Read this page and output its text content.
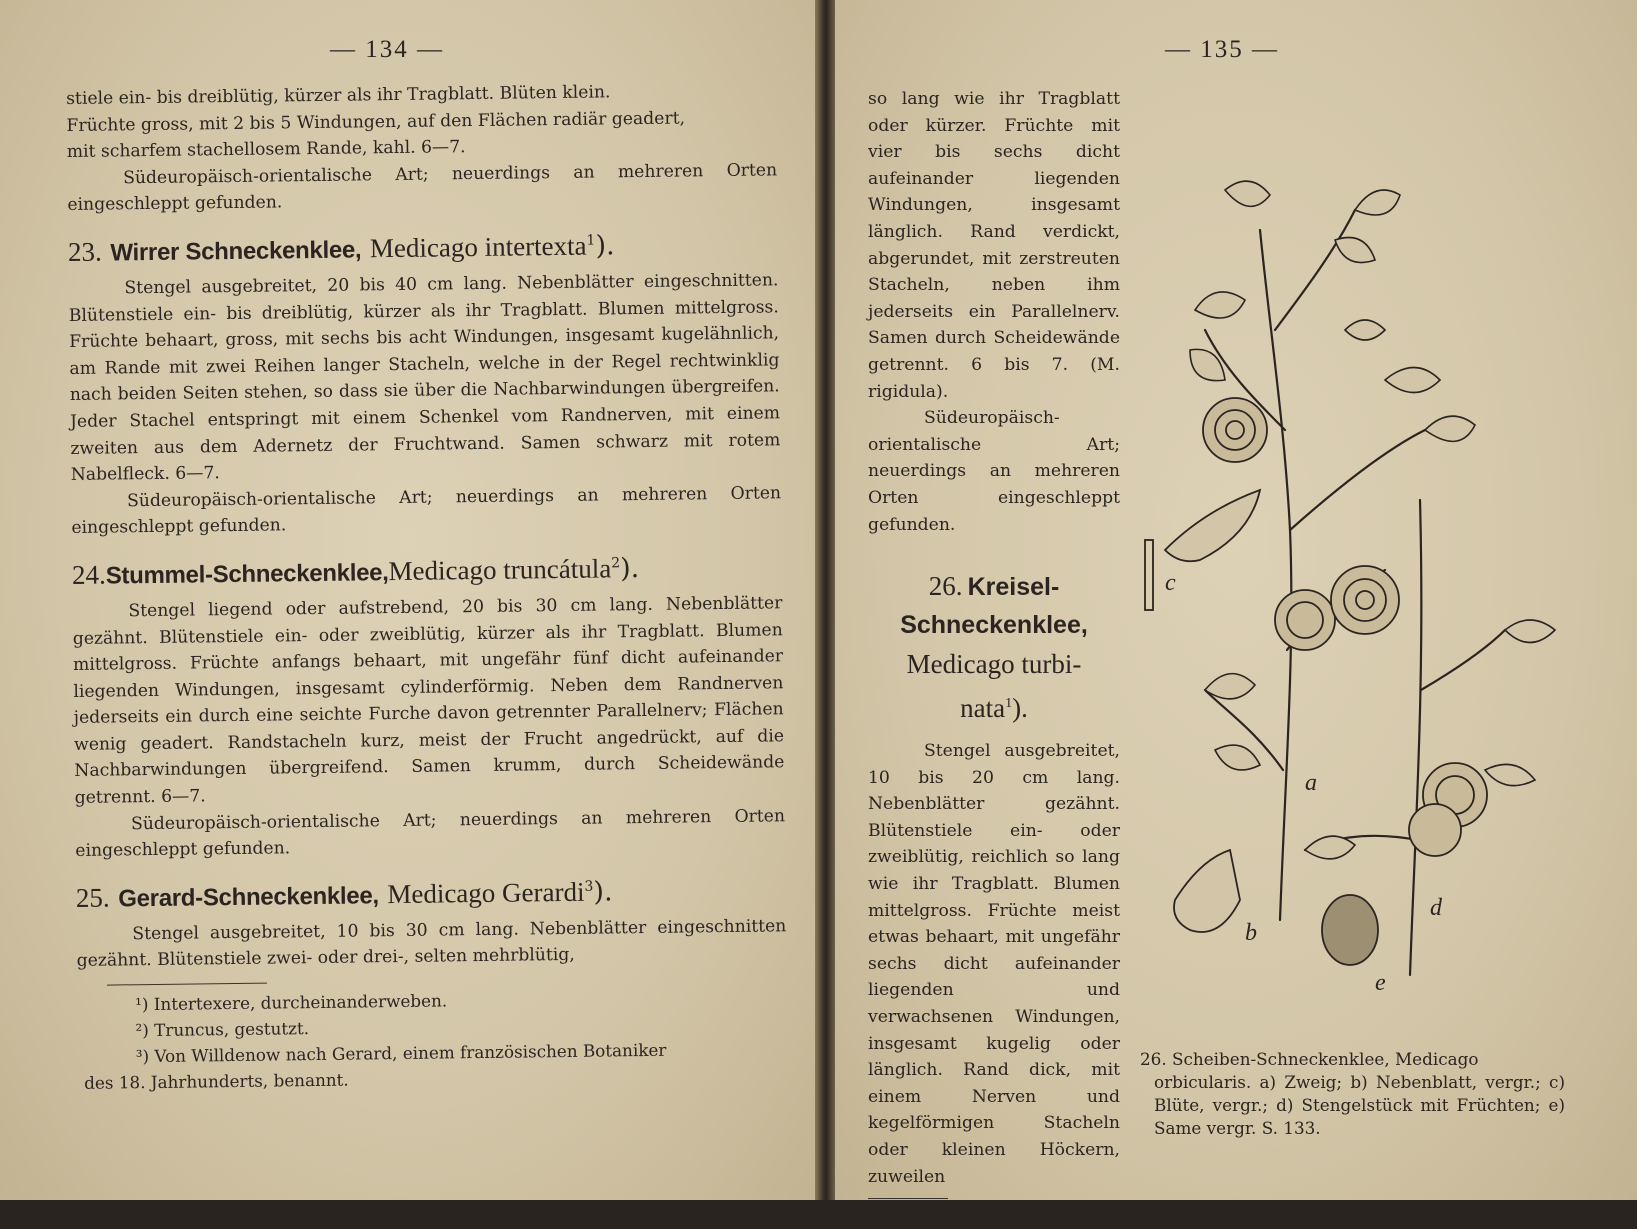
— 134 —

stiele ein- bis dreiblütig, kürzer als ihr Tragblatt. Blüten klein.

Früchte gross, mit 2 bis 5 Windungen, auf den Flächen radiär geadert,

mit scharfem stachellosem Rande, kahl. 6—7.

Südeuropäisch-orientalische Art; neuerdings an mehreren Orten eingeschleppt gefunden.

23. Wirrer Schneckenklee, Medicago intertexta$^1$).

Stengel ausgebreitet, 20 bis 40 cm lang. Nebenblätter eingeschnitten. Blütenstiele ein- bis dreiblütig, kürzer als ihr Tragblatt. Blumen mittelgross. Früchte behaart, gross, mit sechs bis acht Windungen, insgesamt kugelähnlich, am Rande mit zwei Reihen langer Stacheln, welche in der Regel rechtwinklig nach beiden Seiten stehen, so dass sie über die Nachbarwindungen übergreifen. Jeder Stachel entspringt mit einem Schenkel vom Randnerven, mit einem zweiten aus dem Adernetz der Fruchtwand. Samen schwarz mit rotem Nabelfleck. 6—7.

Südeuropäisch-orientalische Art; neuerdings an mehreren Orten eingeschleppt gefunden.

24.Stummel-Schneckenklee,Medicago truncátula$^2$).

Stengel liegend oder aufstrebend, 20 bis 30 cm lang. Nebenblätter gezähnt. Blütenstiele ein- oder zweiblütig, kürzer als ihr Tragblatt. Blumen mittelgross. Früchte anfangs behaart, mit ungefähr fünf dicht aufeinander liegenden Windungen, insgesamt cylinderförmig. Neben dem Randnerven jederseits ein durch eine seichte Furche davon getrennter Parallelnerv; Flächen wenig geadert. Randstacheln kurz, meist der Frucht angedrückt, auf die Nachbarwindungen übergreifend. Samen krumm, durch Scheidewände getrennt. 6—7.

Südeuropäisch-orientalische Art; neuerdings an mehreren Orten eingeschleppt gefunden.

25. Gerard-Schneckenklee, Medicago Gerardi$^3$).

Stengel ausgebreitet, 10 bis 30 cm lang. Nebenblätter eingeschnitten gezähnt. Blütenstiele zwei- oder drei-, selten mehrblütig,

¹) Intertexere, durcheinanderweben.
²) Truncus, gestutzt.
³) Von Willdenow nach Gerard, einem französischen Botaniker
des 18. Jahrhunderts, benannt.
— 135 —

so lang wie ihr Tragblatt oder kürzer. Früchte mit vier bis sechs dicht aufeinander liegenden Windungen, insgesamt länglich. Rand verdickt, abgerundet, mit zerstreuten Stacheln, neben ihm jederseits ein Parallelnerv. Samen durch Scheidewände getrennt. 6 bis 7. (M. rigidula).

Südeuropäisch-orientalische Art; neuerdings an mehreren Orten eingeschleppt gefunden.

26. Kreisel-
Schneckenklee,
Medicago turbi-
nata$^1$).

Stengel ausgebreitet, 10 bis 20 cm lang. Nebenblätter gezähnt. Blütenstiele ein- oder zweiblütig, reichlich so lang wie ihr Tragblatt. Blumen mittelgross. Früchte meist etwas behaart, mit ungefähr sechs dicht aufeinander liegenden und verwachsenen Windungen, insgesamt kugelig oder länglich. Rand dick, mit einem Nerven und kegelförmigen Stacheln oder kleinen Höckern, zuweilen

¹) Turbo, Wirbel, Kreisel.
a
b
c
d
e
26. Scheiben-Schneckenklee, Medicago
orbicularis. a) Zweig; b) Nebenblatt, vergr.; c) Blüte, vergr.; d) Stengelstück mit Früchten; e) Same vergr. S. 133.
